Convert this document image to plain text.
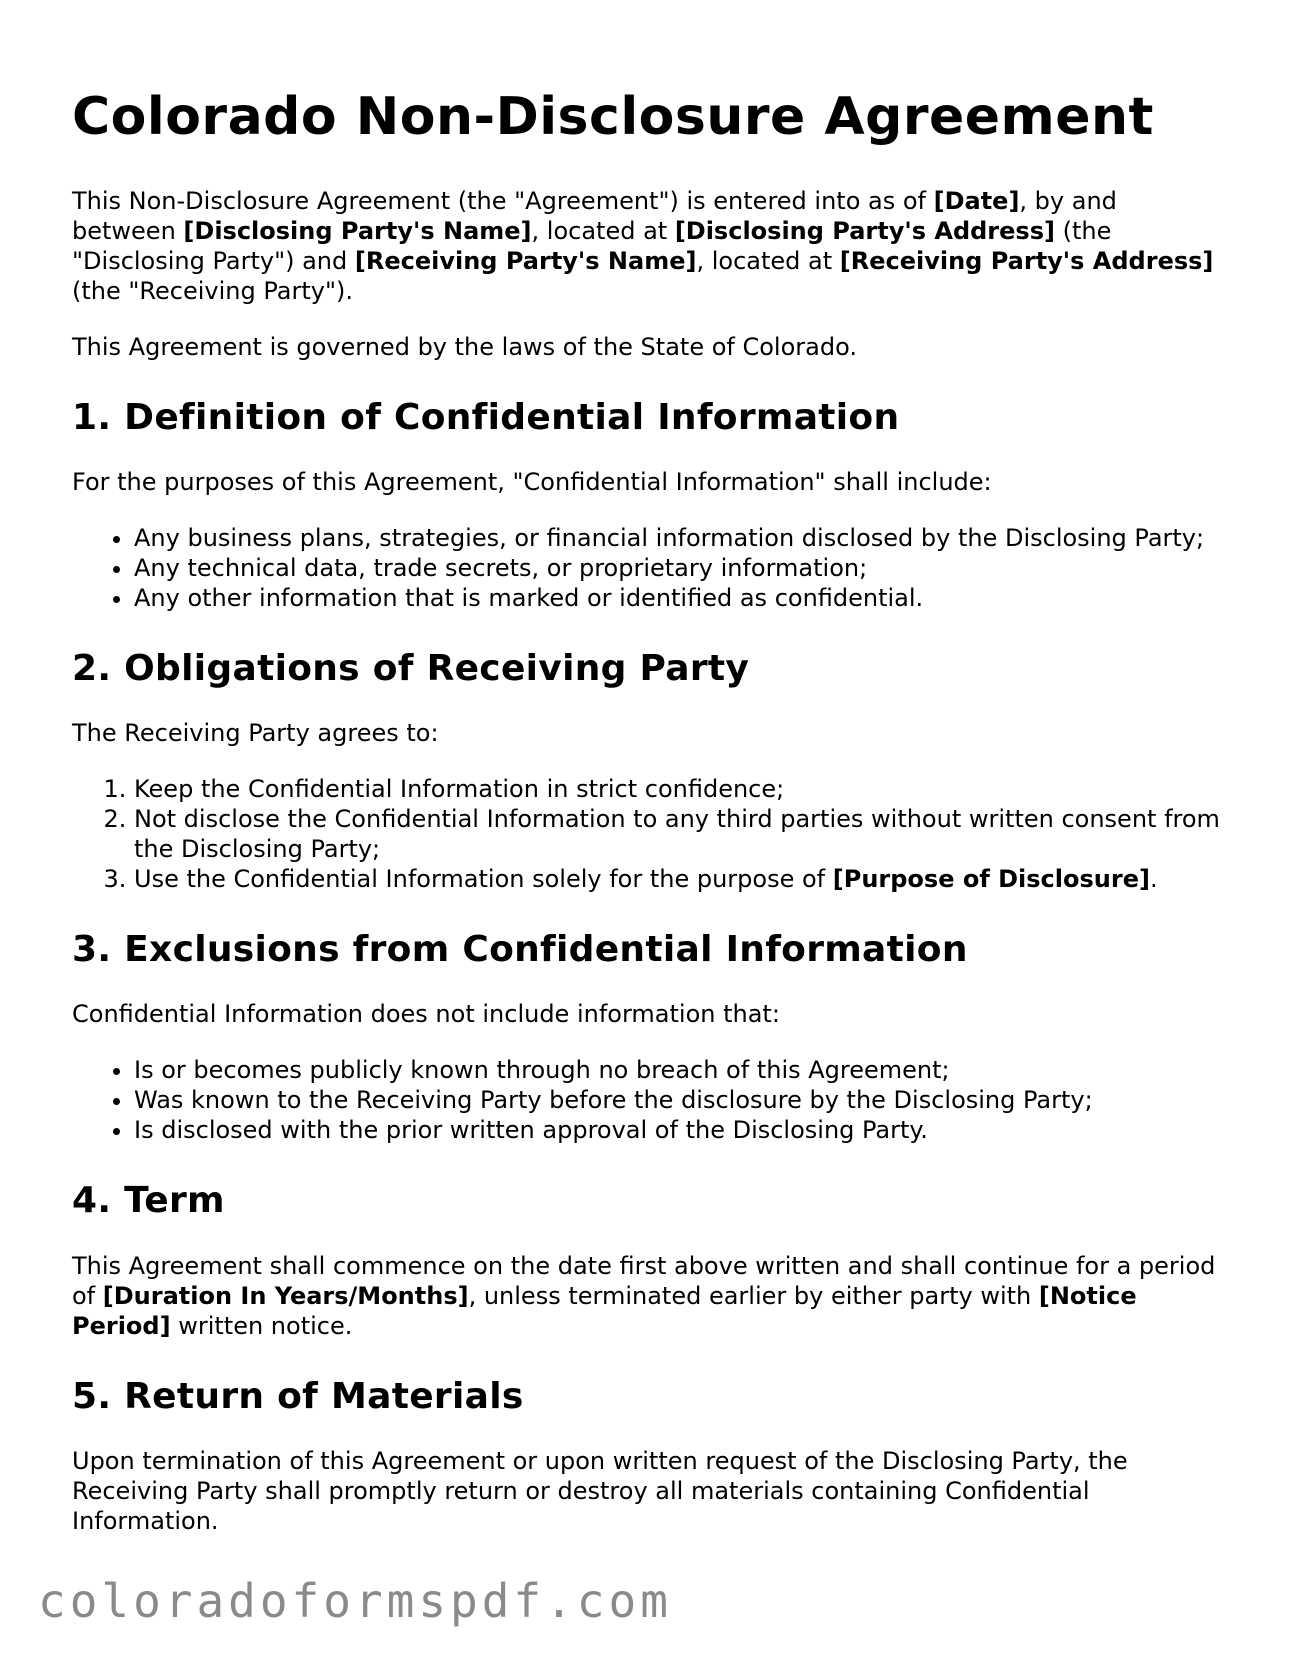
Colorado Non-Disclosure Agreement

This Non-Disclosure Agreement (the "Agreement") is entered into as of [Date], by and between [Disclosing Party's Name], located at [Disclosing Party's Address] (the "Disclosing Party") and [Receiving Party's Name], located at [Receiving Party's Address] (the "Receiving Party").

This Agreement is governed by the laws of the State of Colorado.

1. Definition of Confidential Information

For the purposes of this Agreement, "Confidential Information" shall include:

• Any business plans, strategies, or financial information disclosed by the Disclosing Party;
• Any technical data, trade secrets, or proprietary information;
• Any other information that is marked or identified as confidential.
2. Obligations of Receiving Party

The Receiving Party agrees to:

1. Keep the Confidential Information in strict confidence;
2. Not disclose the Confidential Information to any third parties without written consent from the Disclosing Party;
3. Use the Confidential Information solely for the purpose of [Purpose of Disclosure].
3. Exclusions from Confidential Information

Confidential Information does not include information that:

• Is or becomes publicly known through no breach of this Agreement;
• Was known to the Receiving Party before the disclosure by the Disclosing Party;
• Is disclosed with the prior written approval of the Disclosing Party.
4. Term

This Agreement shall commence on the date first above written and shall continue for a period of [Duration In Years/Months], unless terminated earlier by either party with [Notice Period] written notice.

5. Return of Materials

Upon termination of this Agreement or upon written request of the Disclosing Party, the Receiving Party shall promptly return or destroy all materials containing Confidential Information.

coloradoformspdf.com
